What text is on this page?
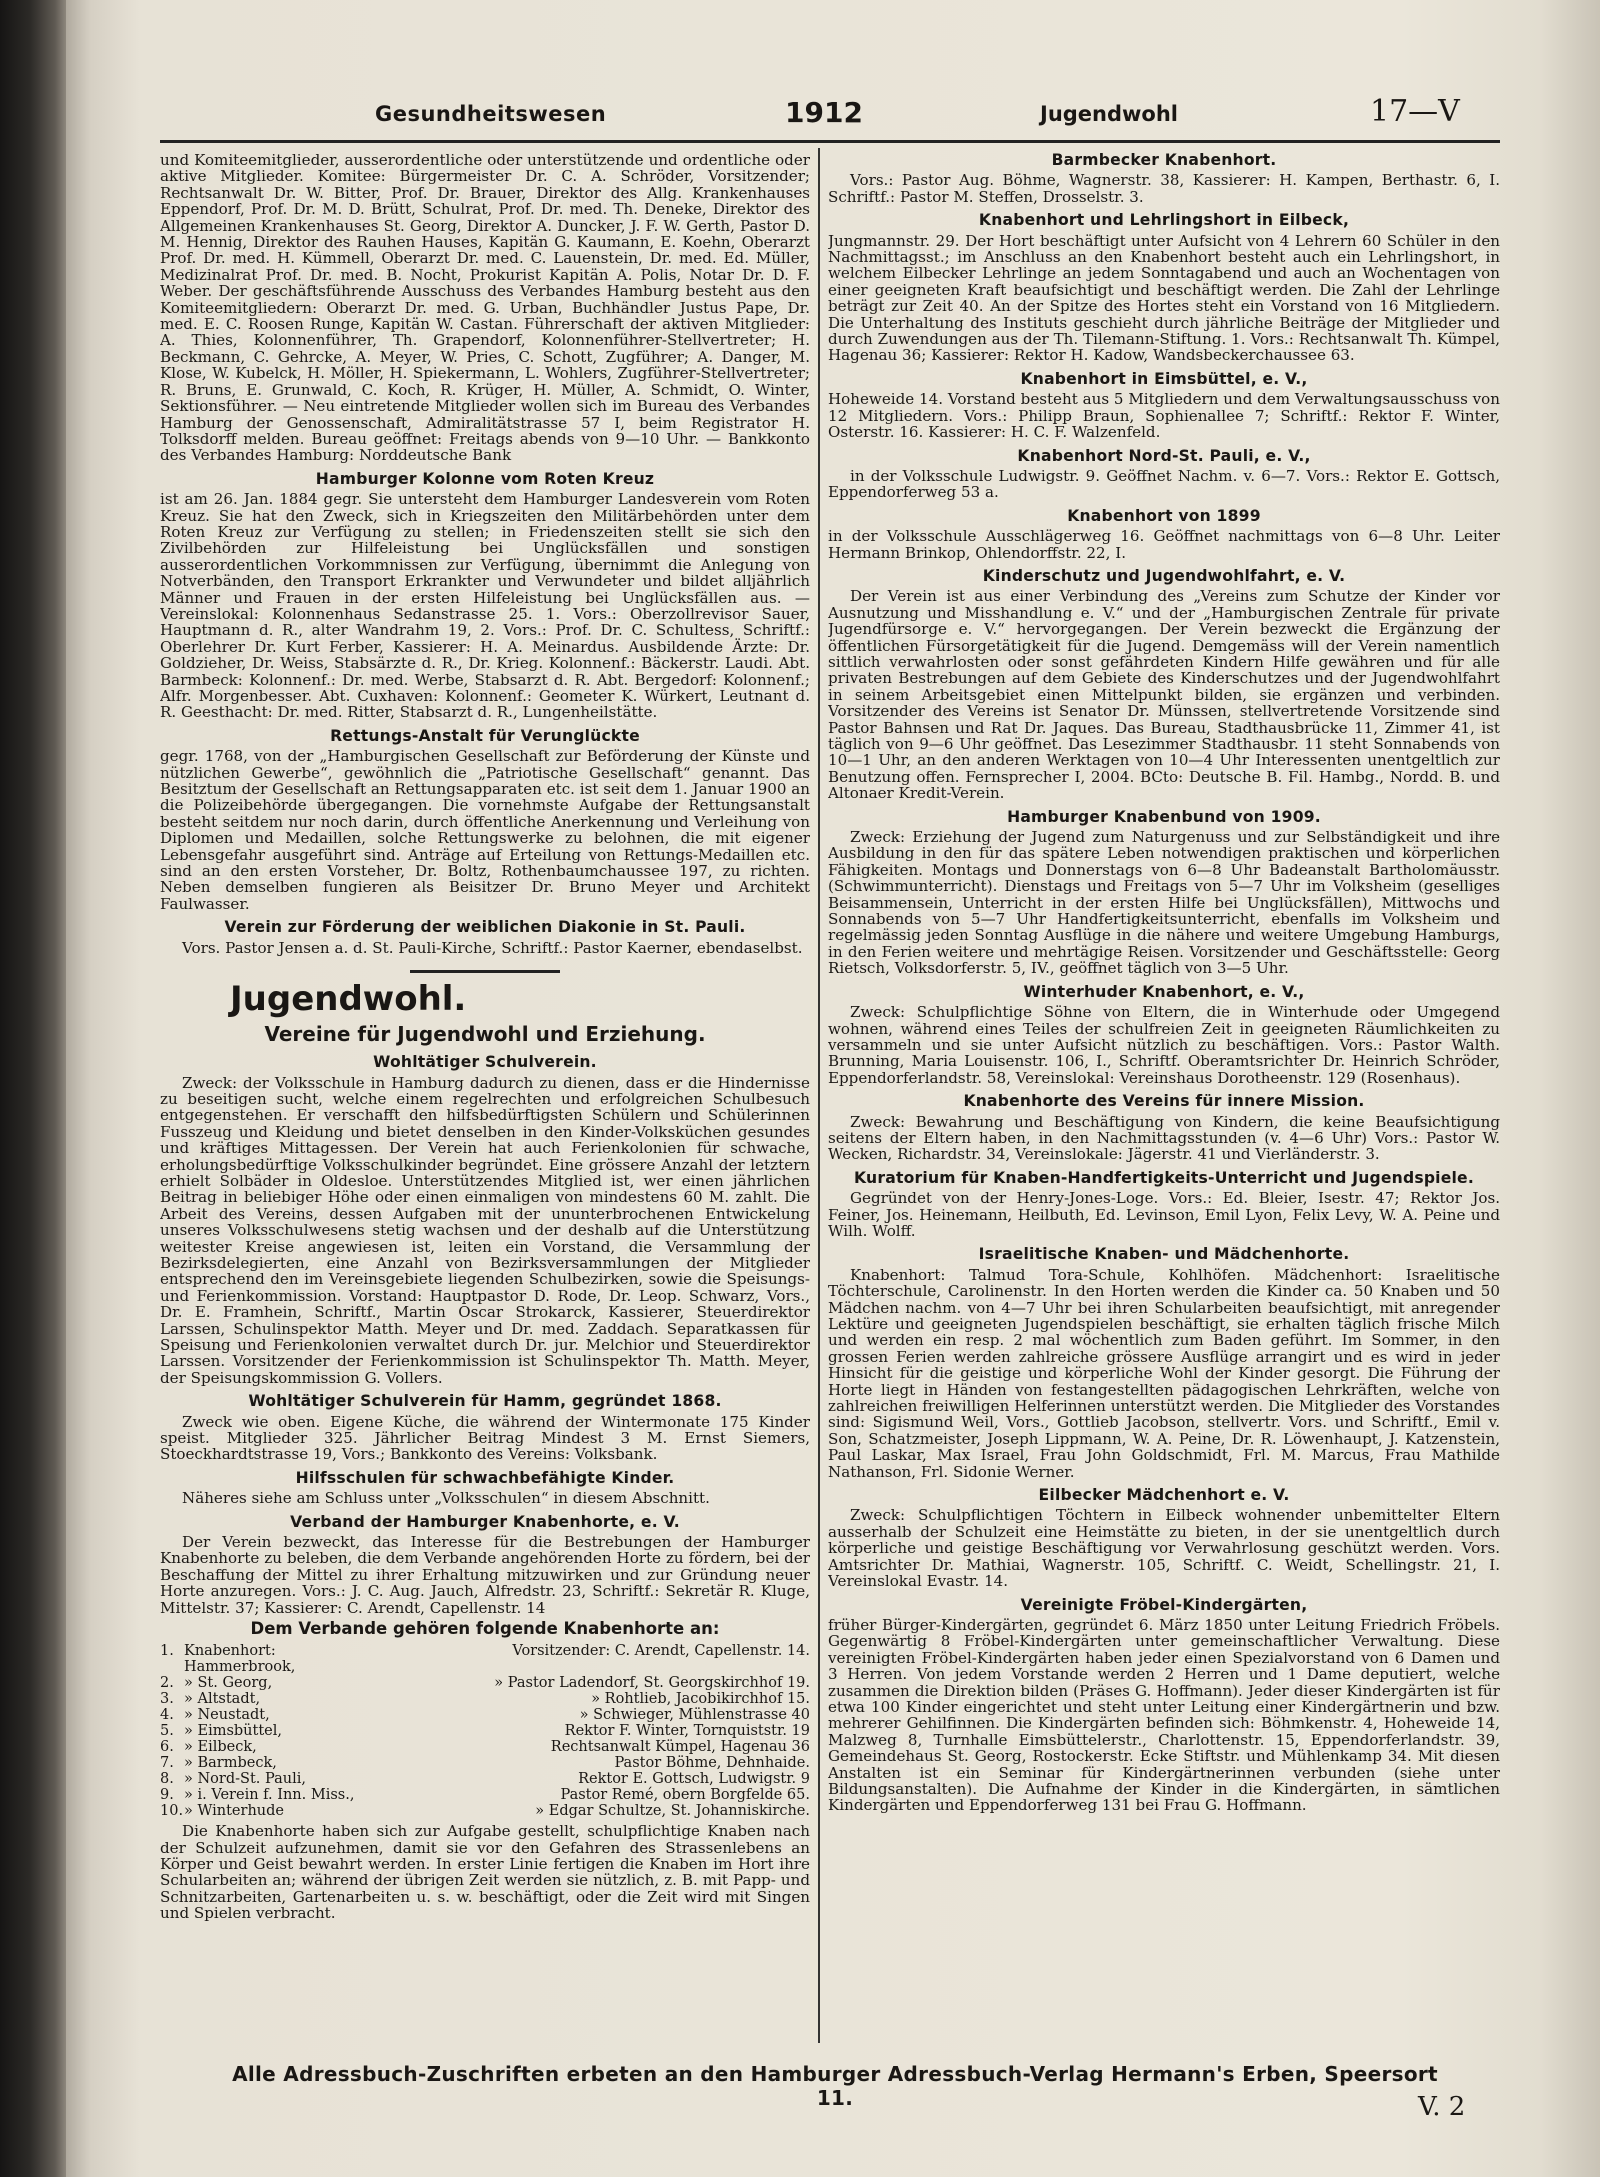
Gesundheitswesen	1912	Jugendwohl	17—V

und Komiteemitglieder, ausserordentliche oder unterstützende und ordentliche oder aktive Mitglieder. Komitee: Bürgermeister Dr. C. A. Schröder, Vorsitzender; Rechtsanwalt Dr. W. Bitter, Prof. Dr. Brauer, Direktor des Allg. Krankenhauses Eppendorf, Prof. Dr. M. D. Brütt, Schulrat, Prof. Dr. med. Th. Deneke, Direktor des Allgemeinen Krankenhauses St. Georg, Direktor A. Duncker, J. F. W. Gerth, Pastor D. M. Hennig, Direktor des Rauhen Hauses, Kapitän G. Kaumann, E. Koehn, Oberarzt Prof. Dr. med. H. Kümmell, Oberarzt Dr. med. C. Lauenstein, Dr. med. Ed. Müller, Medizinalrat Prof. Dr. med. B. Nocht, Prokurist Kapitän A. Polis, Notar Dr. D. F. Weber. Der geschäftsführende Ausschuss des Verbandes Hamburg besteht aus den Komiteemitgliedern: Oberarzt Dr. med. G. Urban, Buchhändler Justus Pape, Dr. med. E. C. Roosen Runge, Kapitän W. Castan. Führerschaft der aktiven Mitglieder: A. Thies, Kolonnenführer, Th. Grapendorf, Kolonnenführer-Stellvertreter; H. Beckmann, C. Gehrcke, A. Meyer, W. Pries, C. Schott, Zugführer; A. Danger, M. Klose, W. Kubelck, H. Möller, H. Spiekermann, L. Wohlers, Zugführer-Stellvertreter; R. Bruns, E. Grunwald, C. Koch, R. Krüger, H. Müller, A. Schmidt, O. Winter, Sektionsführer. — Neu eintretende Mitglieder wollen sich im Bureau des Verbandes Hamburg der Genossenschaft, Admiralitätstrasse 57 I, beim Registrator H. Tolksdorff melden. Bureau geöffnet: Freitags abends von 9—10 Uhr. — Bankkonto des Verbandes Hamburg: Norddeutsche Bank

Hamburger Kolonne vom Roten Kreuz

ist am 26. Jan. 1884 gegr. Sie untersteht dem Hamburger Landesverein vom Roten Kreuz. Sie hat den Zweck, sich in Kriegszeiten den Militärbehörden unter dem Roten Kreuz zur Verfügung zu stellen; in Friedenszeiten stellt sie sich den Zivilbehörden zur Hilfeleistung bei Unglücksfällen und sonstigen ausserordentlichen Vorkommnissen zur Verfügung, übernimmt die Anlegung von Notverbänden, den Transport Erkrankter und Verwundeter und bildet alljährlich Männer und Frauen in der ersten Hilfeleistung bei Unglücksfällen aus. — Vereinslokal: Kolonnenhaus Sedanstrasse 25. 1. Vors.: Oberzollrevisor Sauer, Hauptmann d. R., alter Wandrahm 19, 2. Vors.: Prof. Dr. C. Schultess, Schriftf.: Oberlehrer Dr. Kurt Ferber, Kassierer: H. A. Meinardus. Ausbildende Ärzte: Dr. Goldzieher, Dr. Weiss, Stabsärzte d. R., Dr. Krieg. Kolonnenf.: Bäckerstr. Laudi. Abt. Barmbeck: Kolonnenf.: Dr. med. Werbe, Stabsarzt d. R. Abt. Bergedorf: Kolonnenf.; Alfr. Morgenbesser. Abt. Cuxhaven: Kolonnenf.: Geometer K. Würkert, Leutnant d. R. Geesthacht: Dr. med. Ritter, Stabsarzt d. R., Lungenheilstätte.

Rettungs-Anstalt für Verunglückte

gegr. 1768, von der „Hamburgischen Gesellschaft zur Beförderung der Künste und nützlichen Gewerbe“, gewöhnlich die „Patriotische Gesellschaft“ genannt. Das Besitztum der Gesellschaft an Rettungsapparaten etc. ist seit dem 1. Januar 1900 an die Polizeibehörde übergegangen. Die vornehmste Aufgabe der Rettungsanstalt besteht seitdem nur noch darin, durch öffentliche Anerkennung und Verleihung von Diplomen und Medaillen, solche Rettungswerke zu belohnen, die mit eigener Lebensgefahr ausgeführt sind. Anträge auf Erteilung von Rettungs-Medaillen etc. sind an den ersten Vorsteher, Dr. Boltz, Rothenbaumchaussee 197, zu richten. Neben demselben fungieren als Beisitzer Dr. Bruno Meyer und Architekt Faulwasser.

Verein zur Förderung der weiblichen Diakonie in St. Pauli.

Vors. Pastor Jensen a. d. St. Pauli-Kirche, Schriftf.: Pastor Kaerner, ebendaselbst.

Jugendwohl.
Vereine für Jugendwohl und Erziehung.
Wohltätiger Schulverein.

Zweck: der Volksschule in Hamburg dadurch zu dienen, dass er die Hindernisse zu beseitigen sucht, welche einem regelrechten und erfolgreichen Schulbesuch entgegenstehen. Er verschafft den hilfsbedürftigsten Schülern und Schülerinnen Fusszeug und Kleidung und bietet denselben in den Kinder-Volksküchen gesundes und kräftiges Mittagessen. Der Verein hat auch Ferienkolonien für schwache, erholungsbedürftige Volksschulkinder begründet. Eine grössere Anzahl der letztern erhielt Solbäder in Oldesloe. Unterstützendes Mitglied ist, wer einen jährlichen Beitrag in beliebiger Höhe oder einen einmaligen von mindestens 60 M. zahlt. Die Arbeit des Vereins, dessen Aufgaben mit der ununterbrochenen Entwickelung unseres Volksschulwesens stetig wachsen und der deshalb auf die Unterstützung weitester Kreise angewiesen ist, leiten ein Vorstand, die Versammlung der Bezirksdelegierten, eine Anzahl von Bezirksversammlungen der Mitglieder entsprechend den im Vereinsgebiete liegenden Schulbezirken, sowie die Speisungs- und Ferienkommission. Vorstand: Hauptpastor D. Rode, Dr. Leop. Schwarz, Vors., Dr. E. Framhein, Schriftf., Martin Oscar Strokarck, Kassierer, Steuerdirektor Larssen, Schulinspektor Matth. Meyer und Dr. med. Zaddach. Separatkassen für Speisung und Ferienkolonien verwaltet durch Dr. jur. Melchior und Steuerdirektor Larssen. Vorsitzender der Ferienkommission ist Schulinspektor Th. Matth. Meyer, der Speisungskommission G. Vollers.

Wohltätiger Schulverein für Hamm, gegründet 1868.

Zweck wie oben. Eigene Küche, die während der Wintermonate 175 Kinder speist. Mitglieder 325. Jährlicher Beitrag Mindest 3 M. Ernst Siemers, Stoeckhardtstrasse 19, Vors.; Bankkonto des Vereins: Volksbank.

Hilfsschulen für schwachbefähigte Kinder.

Näheres siehe am Schluss unter „Volksschulen“ in diesem Abschnitt.

Verband der Hamburger Knabenhorte, e. V.

Der Verein bezweckt, das Interesse für die Bestrebungen der Hamburger Knabenhorte zu beleben, die dem Verbande angehörenden Horte zu fördern, bei der Beschaffung der Mittel zu ihrer Erhaltung mitzuwirken und zur Gründung neuer Horte anzuregen. Vors.: J. C. Aug. Jauch, Alfredstr. 23, Schriftf.: Sekretär R. Kluge, Mittelstr. 37; Kassierer: C. Arendt, Capellenstr. 14

Dem Verbande gehören folgende Knabenhorte an:
1.	Knabenhort: Hammerbrook,	Vorsitzender: C. Arendt, Capellenstr. 14.
2.	» St. Georg,	» Pastor Ladendorf, St. Georgskirchhof 19.
3.	» Altstadt,	» Rohtlieb, Jacobikirchhof 15.
4.	» Neustadt,	» Schwieger, Mühlenstrasse 40
5.	» Eimsbüttel,	Rektor F. Winter, Tornquiststr. 19
6.	» Eilbeck,	Rechtsanwalt Kümpel, Hagenau 36
7.	» Barmbeck,	Pastor Böhme, Dehnhaide.
8.	» Nord-St. Pauli,	Rektor E. Gottsch, Ludwigstr. 9
9.	» i. Verein f. Inn. Miss.,	Pastor Remé, obern Borgfelde 65.
10.	» Winterhude	» Edgar Schultze, St. Johanniskirche.

Die Knabenhorte haben sich zur Aufgabe gestellt, schulpflichtige Knaben nach der Schulzeit aufzunehmen, damit sie vor den Gefahren des Strassenlebens an Körper und Geist bewahrt werden. In erster Linie fertigen die Knaben im Hort ihre Schularbeiten an; während der übrigen Zeit werden sie nützlich, z. B. mit Papp- und Schnitzarbeiten, Gartenarbeiten u. s. w. beschäftigt, oder die Zeit wird mit Singen und Spielen verbracht.

Barmbecker Knabenhort.

Vors.: Pastor Aug. Böhme, Wagnerstr. 38, Kassierer: H. Kampen, Berthastr. 6, I. Schriftf.: Pastor M. Steffen, Drosselstr. 3.

Knabenhort und Lehrlingshort in Eilbeck,

Jungmannstr. 29. Der Hort beschäftigt unter Aufsicht von 4 Lehrern 60 Schüler in den Nachmittagsst.; im Anschluss an den Knabenhort besteht auch ein Lehrlingshort, in welchem Eilbecker Lehrlinge an jedem Sonntagabend und auch an Wochentagen von einer geeigneten Kraft beaufsichtigt und beschäftigt werden. Die Zahl der Lehrlinge beträgt zur Zeit 40. An der Spitze des Hortes steht ein Vorstand von 16 Mitgliedern. Die Unterhaltung des Instituts geschieht durch jährliche Beiträge der Mitglieder und durch Zuwendungen aus der Th. Tilemann-Stiftung. 1. Vors.: Rechtsanwalt Th. Kümpel, Hagenau 36; Kassierer: Rektor H. Kadow, Wandsbeckerchaussee 63.

Knabenhort in Eimsbüttel, e. V.,

Hoheweide 14. Vorstand besteht aus 5 Mitgliedern und dem Verwaltungsausschuss von 12 Mitgliedern. Vors.: Philipp Braun, Sophienallee 7; Schriftf.: Rektor F. Winter, Osterstr. 16. Kassierer: H. C. F. Walzenfeld.

Knabenhort Nord-St. Pauli, e. V.,

in der Volksschule Ludwigstr. 9. Geöffnet Nachm. v. 6—7. Vors.: Rektor E. Gottsch, Eppendorferweg 53 a.

Knabenhort von 1899

in der Volksschule Ausschlägerweg 16. Geöffnet nachmittags von 6—8 Uhr. Leiter Hermann Brinkop, Ohlendorffstr. 22, I.

Kinderschutz und Jugendwohlfahrt, e. V.

Der Verein ist aus einer Verbindung des „Vereins zum Schutze der Kinder vor Ausnutzung und Misshandlung e. V.“ und der „Hamburgischen Zentrale für private Jugendfürsorge e. V.“ hervorgegangen. Der Verein bezweckt die Ergänzung der öffentlichen Fürsorgetätigkeit für die Jugend. Demgemäss will der Verein namentlich sittlich verwahrlosten oder sonst gefährdeten Kindern Hilfe gewähren und für alle privaten Bestrebungen auf dem Gebiete des Kinderschutzes und der Jugendwohlfahrt in seinem Arbeitsgebiet einen Mittelpunkt bilden, sie ergänzen und verbinden. Vorsitzender des Vereins ist Senator Dr. Münssen, stellvertretende Vorsitzende sind Pastor Bahnsen und Rat Dr. Jaques. Das Bureau, Stadthausbrücke 11, Zimmer 41, ist täglich von 9—6 Uhr geöffnet. Das Lesezimmer Stadthausbr. 11 steht Sonnabends von 10—1 Uhr, an den anderen Werktagen von 10—4 Uhr Interessenten unentgeltlich zur Benutzung offen. Fernsprecher I, 2004. BCto: Deutsche B. Fil. Hambg., Nordd. B. und Altonaer Kredit-Verein.

Hamburger Knabenbund von 1909.

Zweck: Erziehung der Jugend zum Naturgenuss und zur Selbständigkeit und ihre Ausbildung in den für das spätere Leben notwendigen praktischen und körperlichen Fähigkeiten. Montags und Donnerstags von 6—8 Uhr Badeanstalt Bartholomäusstr. (Schwimmunterricht). Dienstags und Freitags von 5—7 Uhr im Volksheim (geselliges Beisammensein, Unterricht in der ersten Hilfe bei Unglücksfällen), Mittwochs und Sonnabends von 5—7 Uhr Handfertigkeitsunterricht, ebenfalls im Volksheim und regelmässig jeden Sonntag Ausflüge in die nähere und weitere Umgebung Hamburgs, in den Ferien weitere und mehrtägige Reisen. Vorsitzender und Geschäftsstelle: Georg Rietsch, Volksdorferstr. 5, IV., geöffnet täglich von 3—5 Uhr.

Winterhuder Knabenhort, e. V.,

Zweck: Schulpflichtige Söhne von Eltern, die in Winterhude oder Umgegend wohnen, während eines Teiles der schulfreien Zeit in geeigneten Räumlichkeiten zu versammeln und sie unter Aufsicht nützlich zu beschäftigen. Vors.: Pastor Walth. Brunning, Maria Louisenstr. 106, I., Schriftf. Oberamtsrichter Dr. Heinrich Schröder, Eppendorferlandstr. 58, Vereinslokal: Vereinshaus Dorotheenstr. 129 (Rosenhaus).

Knabenhorte des Vereins für innere Mission.

Zweck: Bewahrung und Beschäftigung von Kindern, die keine Beaufsichtigung seitens der Eltern haben, in den Nachmittagsstunden (v. 4—6 Uhr) Vors.: Pastor W. Wecken, Richardstr. 34, Vereinslokale: Jägerstr. 41 und Vierländerstr. 3.

Kuratorium für Knaben-Handfertigkeits-Unterricht und Jugendspiele.

Gegründet von der Henry-Jones-Loge. Vors.: Ed. Bleier, Isestr. 47; Rektor Jos. Feiner, Jos. Heinemann, Heilbuth, Ed. Levinson, Emil Lyon, Felix Levy, W. A. Peine und Wilh. Wolff.

Israelitische Knaben- und Mädchenhorte.

Knabenhort: Talmud Tora-Schule, Kohlhöfen. Mädchenhort: Israelitische Töchterschule, Carolinenstr. In den Horten werden die Kinder ca. 50 Knaben und 50 Mädchen nachm. von 4—7 Uhr bei ihren Schularbeiten beaufsichtigt, mit anregender Lektüre und geeigneten Jugendspielen beschäftigt, sie erhalten täglich frische Milch und werden ein resp. 2 mal wöchentlich zum Baden geführt. Im Sommer, in den grossen Ferien werden zahlreiche grössere Ausflüge arrangirt und es wird in jeder Hinsicht für die geistige und körperliche Wohl der Kinder gesorgt. Die Führung der Horte liegt in Händen von festangestellten pädagogischen Lehrkräften, welche von zahlreichen freiwilligen Helferinnen unterstützt werden. Die Mitglieder des Vorstandes sind: Sigismund Weil, Vors., Gottlieb Jacobson, stellvertr. Vors. und Schriftf., Emil v. Son, Schatzmeister, Joseph Lippmann, W. A. Peine, Dr. R. Löwenhaupt, J. Katzenstein, Paul Laskar, Max Israel, Frau John Goldschmidt, Frl. M. Marcus, Frau Mathilde Nathanson, Frl. Sidonie Werner.

Eilbecker Mädchenhort e. V.

Zweck: Schulpflichtigen Töchtern in Eilbeck wohnender unbemittelter Eltern ausserhalb der Schulzeit eine Heimstätte zu bieten, in der sie unentgeltlich durch körperliche und geistige Beschäftigung vor Verwahrlosung geschützt werden. Vors. Amtsrichter Dr. Mathiai, Wagnerstr. 105, Schriftf. C. Weidt, Schellingstr. 21, I. Vereinslokal Evastr. 14.

Vereinigte Fröbel-Kindergärten,

früher Bürger-Kindergärten, gegründet 6. März 1850 unter Leitung Friedrich Fröbels. Gegenwärtig 8 Fröbel-Kindergärten unter gemeinschaftlicher Verwaltung. Diese vereinigten Fröbel-Kindergärten haben jeder einen Spezialvorstand von 6 Damen und 3 Herren. Von jedem Vorstande werden 2 Herren und 1 Dame deputiert, welche zusammen die Direktion bilden (Präses G. Hoffmann). Jeder dieser Kindergärten ist für etwa 100 Kinder eingerichtet und steht unter Leitung einer Kindergärtnerin und bzw. mehrerer Gehilfinnen. Die Kindergärten befinden sich: Böhmkenstr. 4, Hoheweide 14, Malzweg 8, Turnhalle Eimsbüttelerstr., Charlottenstr. 15, Eppendorferlandstr. 39, Gemeindehaus St. Georg, Rostockerstr. Ecke Stiftstr. und Mühlenkamp 34. Mit diesen Anstalten ist ein Seminar für Kindergärtnerinnen verbunden (siehe unter Bildungsanstalten). Die Aufnahme der Kinder in die Kindergärten, in sämtlichen Kindergärten und Eppendorferweg 131 bei Frau G. Hoffmann.

Alle Adressbuch-Zuschriften erbeten an den Hamburger Adressbuch-Verlag Hermann's Erben, Speersort 11.	V. 2
